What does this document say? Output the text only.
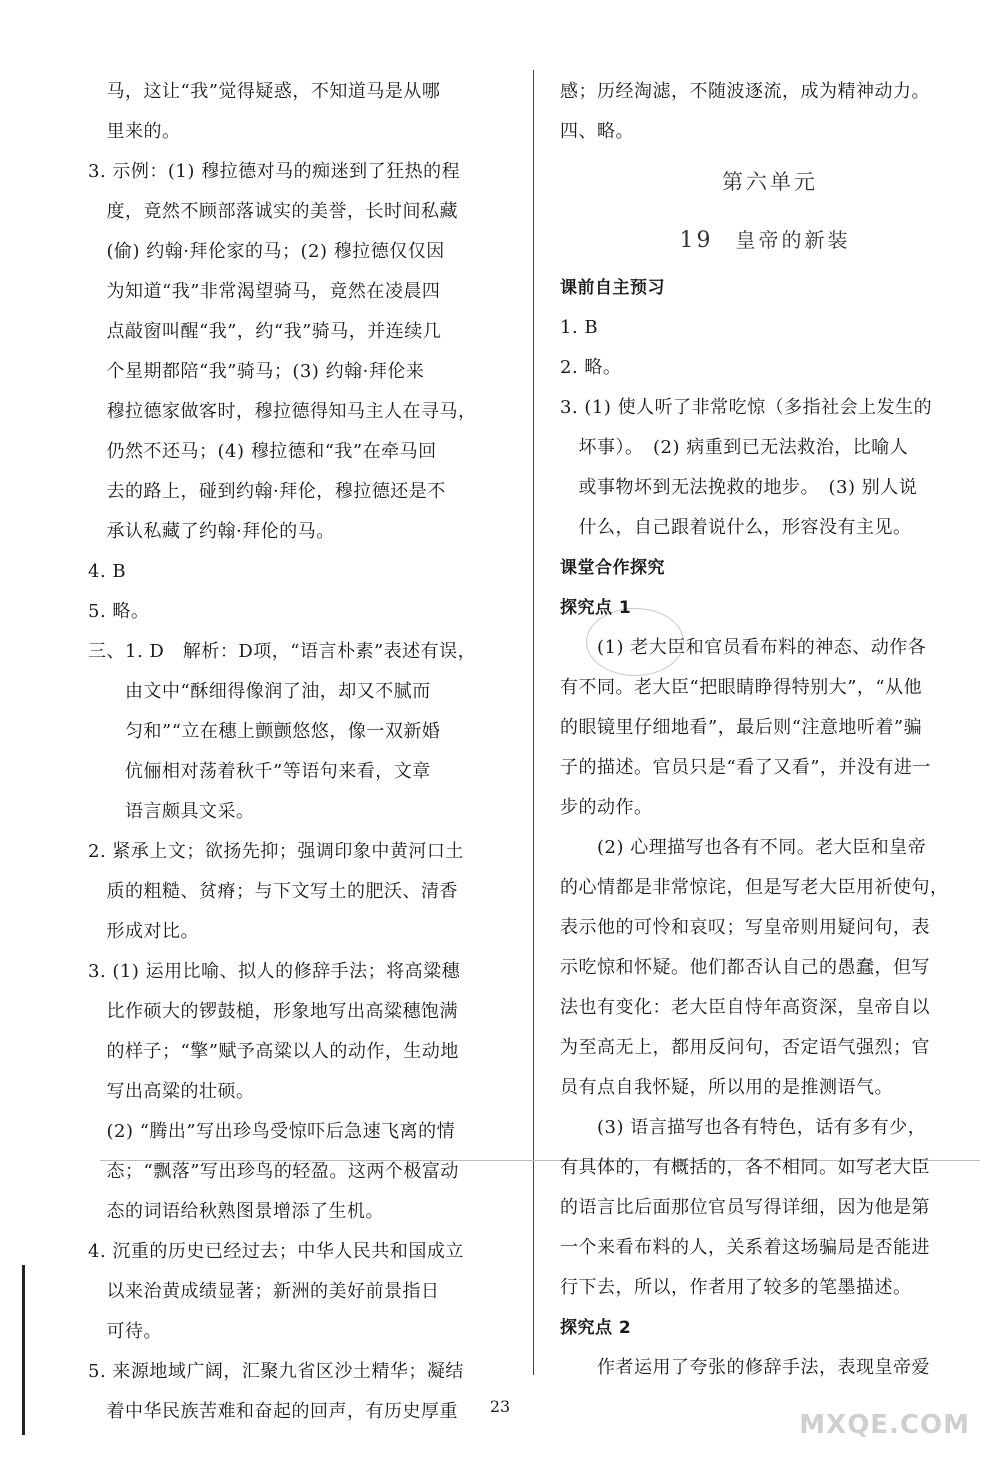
　马，这让“我”觉得疑惑，不知道马是从哪
　里来的。
3. 示例：(1) 穆拉德对马的痴迷到了狂热的程
　度，竟然不顾部落诚实的美誉，长时间私藏
　(偷) 约翰·拜伦家的马；(2) 穆拉德仅仅因
　为知道“我”非常渴望骑马，竟然在凌晨四
　点敲窗叫醒“我”，约“我”骑马，并连续几
　个星期都陪“我”骑马；(3) 约翰·拜伦来
　穆拉德家做客时，穆拉德得知马主人在寻马，
　仍然不还马；(4) 穆拉德和“我”在牵马回
　去的路上，碰到约翰·拜伦，穆拉德还是不
　承认私藏了约翰·拜伦的马。
4. B
5. 略。
三、1. D　解析：D项，“语言朴素”表述有误，
　　由文中“酥细得像润了油，却又不腻而
　　匀和”“立在穗上颤颤悠悠，像一双新婚
　　伉俪相对荡着秋千”等语句来看，文章
　　语言颇具文采。
2. 紧承上文；欲扬先抑；强调印象中黄河口土
　质的粗糙、贫瘠；与下文写土的肥沃、清香
　形成对比。
3. (1) 运用比喻、拟人的修辞手法；将高粱穗
　比作硕大的锣鼓槌，形象地写出高粱穗饱满
　的样子；“擎”赋予高粱以人的动作，生动地
　写出高粱的壮硕。
　(2) “腾出”写出珍鸟受惊吓后急速飞离的情
　态；“飘落”写出珍鸟的轻盈。这两个极富动
　态的词语给秋熟图景增添了生机。
4. 沉重的历史已经过去；中华人民共和国成立
　以来治黄成绩显著；新洲的美好前景指日
　可待。
5. 来源地域广阔，汇聚九省区沙土精华；凝结
　着中华民族苦难和奋起的回声，有历史厚重
感；历经淘滤，不随波逐流，成为精神动力。
四、略。
第六单元
19 皇帝的新装
课前自主预习
1. B
2. 略。
3. (1) 使人听了非常吃惊（多指社会上发生的
　坏事）。　(2) 病重到已无法救治，比喻人
　或事物坏到无法挽救的地步。　(3) 别人说
　什么，自己跟着说什么，形容没有主见。
课堂合作探究
探究点 1
　　(1) 老大臣和官员看布料的神态、动作各
有不同。老大臣“把眼睛睁得特别大”，“从他
的眼镜里仔细地看”，最后则“注意地听着”骗
子的描述。官员只是“看了又看”，并没有进一
步的动作。
　　(2) 心理描写也各有不同。老大臣和皇帝
的心情都是非常惊诧，但是写老大臣用祈使句，
表示他的可怜和哀叹；写皇帝则用疑问句，表
示吃惊和怀疑。他们都否认自己的愚蠢，但写
法也有变化：老大臣自恃年高资深，皇帝自以
为至高无上，都用反问句，否定语气强烈；官
员有点自我怀疑，所以用的是推测语气。
　　(3) 语言描写也各有特色，话有多有少，
有具体的，有概括的，各不相同。如写老大臣
的语言比后面那位官员写得详细，因为他是第
一个来看布料的人，关系着这场骗局是否能进
行下去，所以，作者用了较多的笔墨描述。
探究点 2
　　作者运用了夸张的修辞手法，表现皇帝爱
23
MXQE.COM
